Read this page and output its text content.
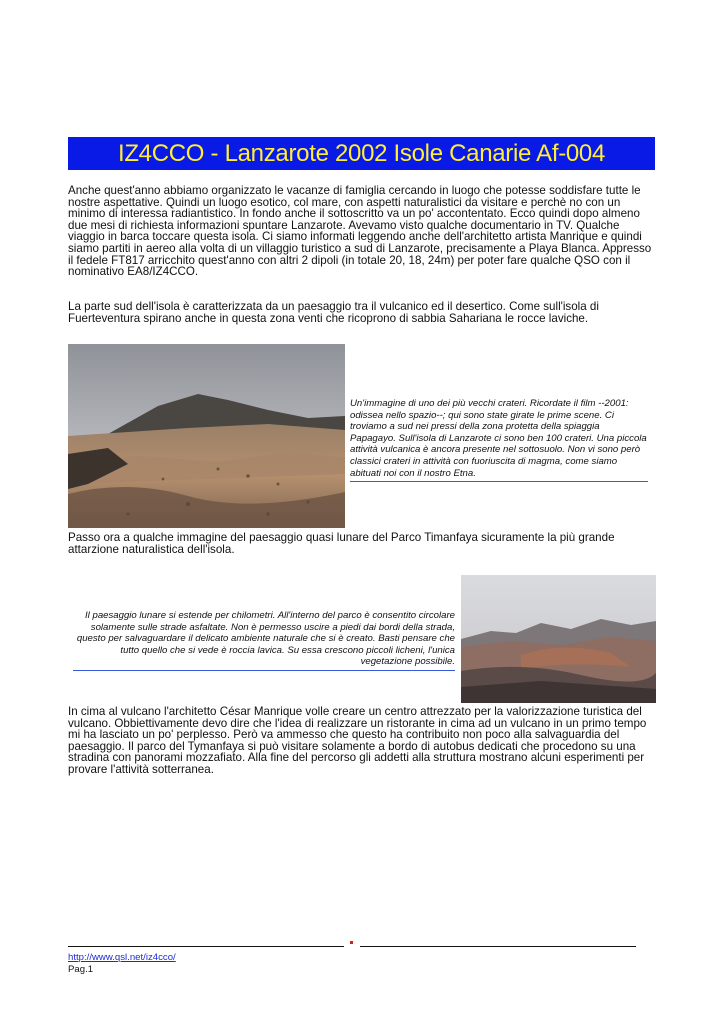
IZ4CCO - Lanzarote 2002 Isole Canarie Af-004

Anche quest'anno abbiamo organizzato le vacanze di famiglia cercando in luogo che potesse soddisfare tutte le nostre aspettative. Quindi un luogo esotico, col mare, con aspetti naturalistici da visitare e perchè no con un minimo di interessa radiantistico. In fondo anche il sottoscritto va un po' accontentato. Ecco quindi dopo almeno due mesi di richiesta informazioni spuntare Lanzarote. Avevamo visto qualche documentario in TV. Qualche viaggio in barca toccare questa isola. Ci siamo informati leggendo anche dell'architetto artista Manrique e quindi siamo partiti in aereo alla volta di un villaggio turistico a sud di Lanzarote, precisamente a Playa Blanca. Appresso il fedele FT817 arricchito quest'anno con altri 2 dipoli (in totale 20, 18, 24m) per poter fare qualche QSO con il nominativo EA8/IZ4CCO.

La parte sud dell'isola è caratterizzata da un paesaggio tra il vulcanico ed il desertico. Come sull'isola di Fuerteventura spirano anche in questa zona venti che ricoprono di sabbia Sahariana le rocce laviche.

Un'immagine di uno dei più vecchi crateri. Ricordate il film --2001: odissea nello spazio--; qui sono state girate le prime scene. Ci troviamo a sud nei pressi della zona protetta della spiaggia Papagayo. Sull'isola di Lanzarote ci sono ben 100 crateri. Una piccola attività vulcanica è ancora presente nel sottosuolo. Non vi sono però classici crateri in attività con fuoriuscita di magma, come siamo abituati noi con il nostro Etna.

Passo ora a qualche immagine del paesaggio quasi lunare del Parco Timanfaya sicuramente la più grande attarzione naturalistica dell'isola.

Il paesaggio lunare si estende per chilometri. All'interno del parco è consentito circolare solamente sulle strade asfaltate. Non è permesso uscire a piedi dai bordi della strada, questo per salvaguardare il delicato ambiente naturale che si è creato. Basti pensare che tutto quello che si vede è roccia lavica. Su essa crescono piccoli licheni, l'unica vegetazione possibile.

In cima al vulcano l'architetto César Manrique volle creare un centro attrezzato per la valorizzazione turistica del vulcano. Obbiettivamente devo dire che l'idea di realizzare un ristorante in cima ad un vulcano in un primo tempo mi ha lasciato un po' perplesso. Però va ammesso che questo ha contribuito non poco alla salvaguardia del paesaggio. Il parco del Tymanfaya si può visitare solamente a bordo di autobus dedicati che procedono su una stradina con panorami mozzafiato. Alla fine del percorso gli addetti alla struttura mostrano alcuni esperimenti per provare l'attività sotterranea.

http://www.qsl.net/iz4cco/
Pag.1
